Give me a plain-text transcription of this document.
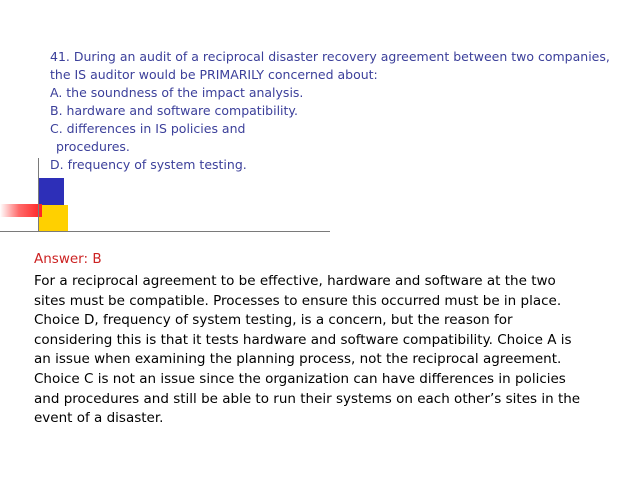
41. During an audit of a reciprocal disaster recovery agreement between two companies,
the IS auditor would be PRIMARILY concerned about:
A. the soundness of the impact analysis.
B. hardware and software compatibility.
C. differences in IS policies and
procedures.
D. frequency of system testing.
Answer: B
For a reciprocal agreement to be effective, hardware and software at the two
sites must be compatible. Processes to ensure this occurred must be in place.
Choice D, frequency of system testing, is a concern, but the reason for
considering this is that it tests hardware and software compatibility. Choice A is
an issue when examining the planning process, not the reciprocal agreement.
Choice C is not an issue since the organization can have differences in policies
and procedures and still be able to run their systems on each other’s sites in the
event of a disaster.
